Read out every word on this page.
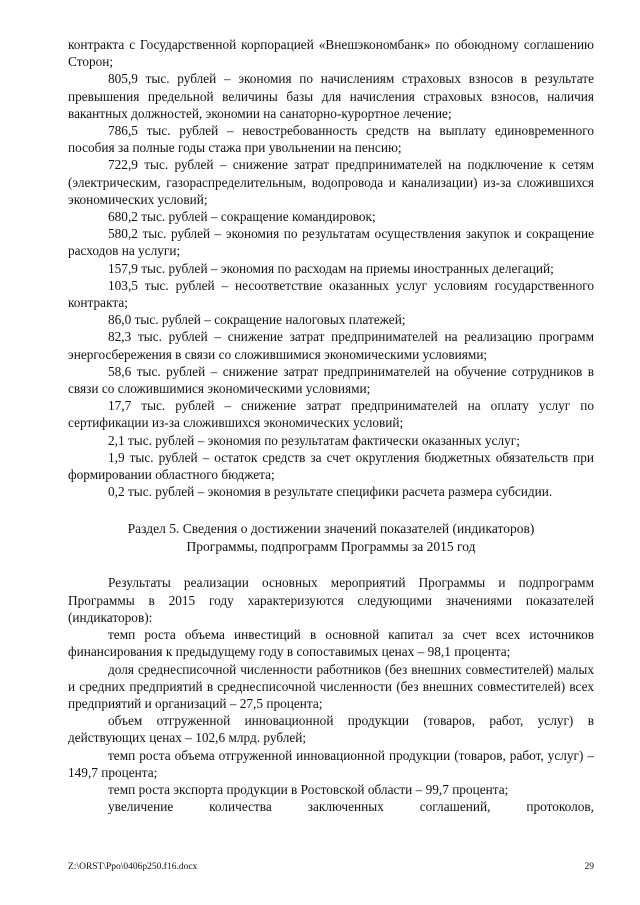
контракта с Государственной корпорацией «Внешэкономбанк» по обоюдному соглашению Сторон;

805,9 тыс. рублей – экономия по начислениям страховых взносов в результате превышения предельной величины базы для начисления страховых взносов, наличия вакантных должностей, экономии на санаторно-курортное лечение;

786,5 тыс. рублей – невостребованность средств на выплату единовременного пособия за полные годы стажа при увольнении на пенсию;

722,9 тыс. рублей – снижение затрат предпринимателей на подключение к сетям (электрическим, газораспределительным, водопровода и канализации) из-за сложившихся экономических условий;

680,2 тыс. рублей – сокращение командировок;

580,2 тыс. рублей – экономия по результатам осуществления закупок и сокращение расходов на услуги;

157,9 тыс. рублей – экономия по расходам на приемы иностранных делегаций;

103,5 тыс. рублей – несоответствие оказанных услуг условиям государственного контракта;

86,0 тыс. рублей – сокращение налоговых платежей;

82,3 тыс. рублей – снижение затрат предпринимателей на реализацию программ энергосбережения в связи со сложившимися экономическими условиями;

58,6 тыс. рублей – снижение затрат предпринимателей на обучение сотрудников в связи со сложившимися экономическими условиями;

17,7 тыс. рублей – снижение затрат предпринимателей на оплату услуг по сертификации из-за сложившихся экономических условий;

2,1 тыс. рублей – экономия по результатам фактически оказанных услуг;

1,9 тыс. рублей – остаток средств за счет округления бюджетных обязательств при формировании областного бюджета;

0,2 тыс. рублей – экономия в результате специфики расчета размера субсидии.

Раздел 5. Сведения о достижении значений показателей (индикаторов)
Программы, подпрограмм Программы за 2015 год

Результаты реализации основных мероприятий Программы и подпрограмм Программы в 2015 году характеризуются следующими значениями показателей (индикаторов):

темп роста объема инвестиций в основной капитал за счет всех источников финансирования к предыдущему году в сопоставимых ценах – 98,1 процента;

доля среднесписочной численности работников (без внешних совместителей) малых и средних предприятий в среднесписочной численности (без внешних совместителей) всех предприятий и организаций – 27,5 процента;

объем отгруженной инновационной продукции (товаров, работ, услуг) в действующих ценах – 102,6 млрд. рублей;

темп роста объема отгруженной инновационной продукции (товаров, работ, услуг) – 149,7 процента;

темп роста экспорта продукции в Ростовской области – 99,7 процента;

увеличение количества заключенных соглашений, протоколов,

Z:\ORST\Ppo\0406p250.f16.docx	29
